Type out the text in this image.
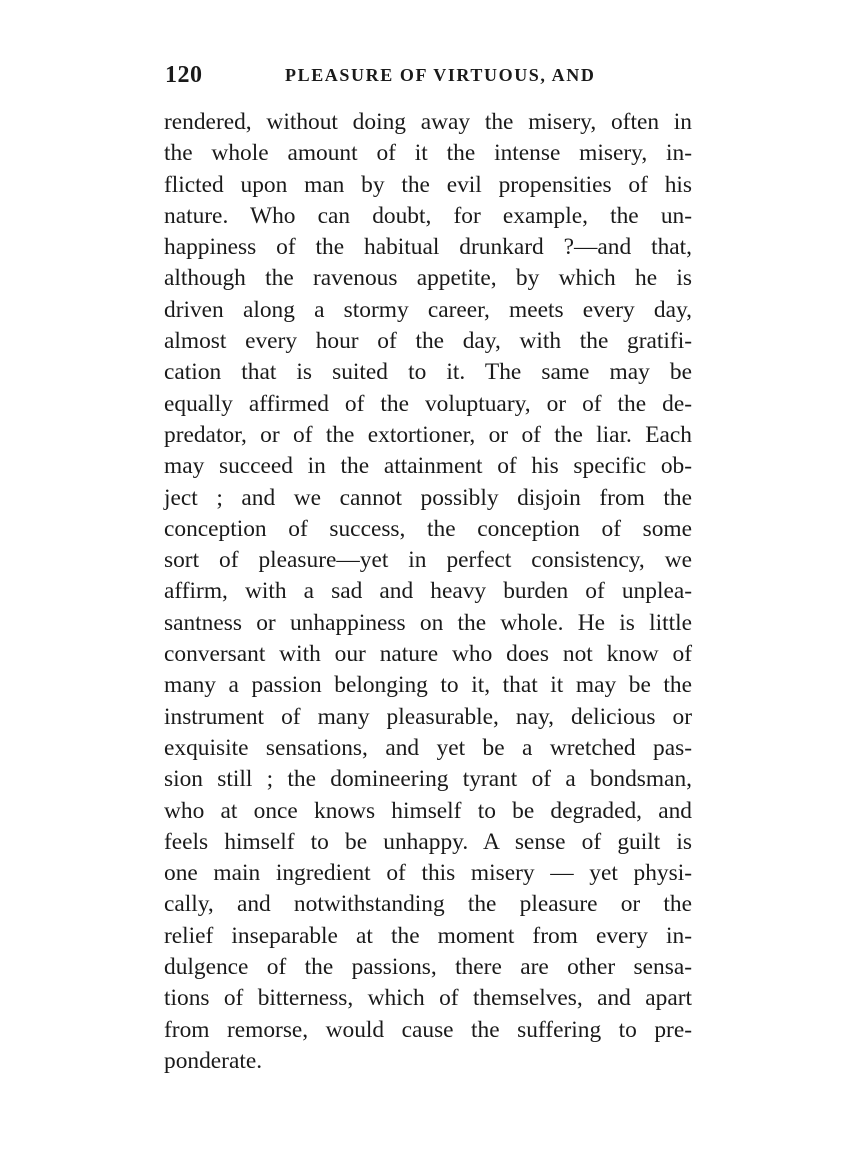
120	PLEASURE OF VIRTUOUS, AND
rendered, without doing away the misery, often in
the whole amount of it the intense misery, in-
flicted upon man by the evil propensities of his
nature. Who can doubt, for example, the un-
happiness of the habitual drunkard ?—and that,
although the ravenous appetite, by which he is
driven along a stormy career, meets every day,
almost every hour of the day, with the gratifi-
cation that is suited to it. The same may be
equally affirmed of the voluptuary, or of the de-
predator, or of the extortioner, or of the liar. Each
may succeed in the attainment of his specific ob-
ject ; and we cannot possibly disjoin from the
conception of success, the conception of some
sort of pleasure—yet in perfect consistency, we
affirm, with a sad and heavy burden of unplea-
santness or unhappiness on the whole. He is little
conversant with our nature who does not know of
many a passion belonging to it, that it may be the
instrument of many pleasurable, nay, delicious or
exquisite sensations, and yet be a wretched pas-
sion still ; the domineering tyrant of a bondsman,
who at once knows himself to be degraded, and
feels himself to be unhappy. A sense of guilt is
one main ingredient of this misery — yet physi-
cally, and notwithstanding the pleasure or the
relief inseparable at the moment from every in-
dulgence of the passions, there are other sensa-
tions of bitterness, which of themselves, and apart
from remorse, would cause the suffering to pre-
ponderate.
